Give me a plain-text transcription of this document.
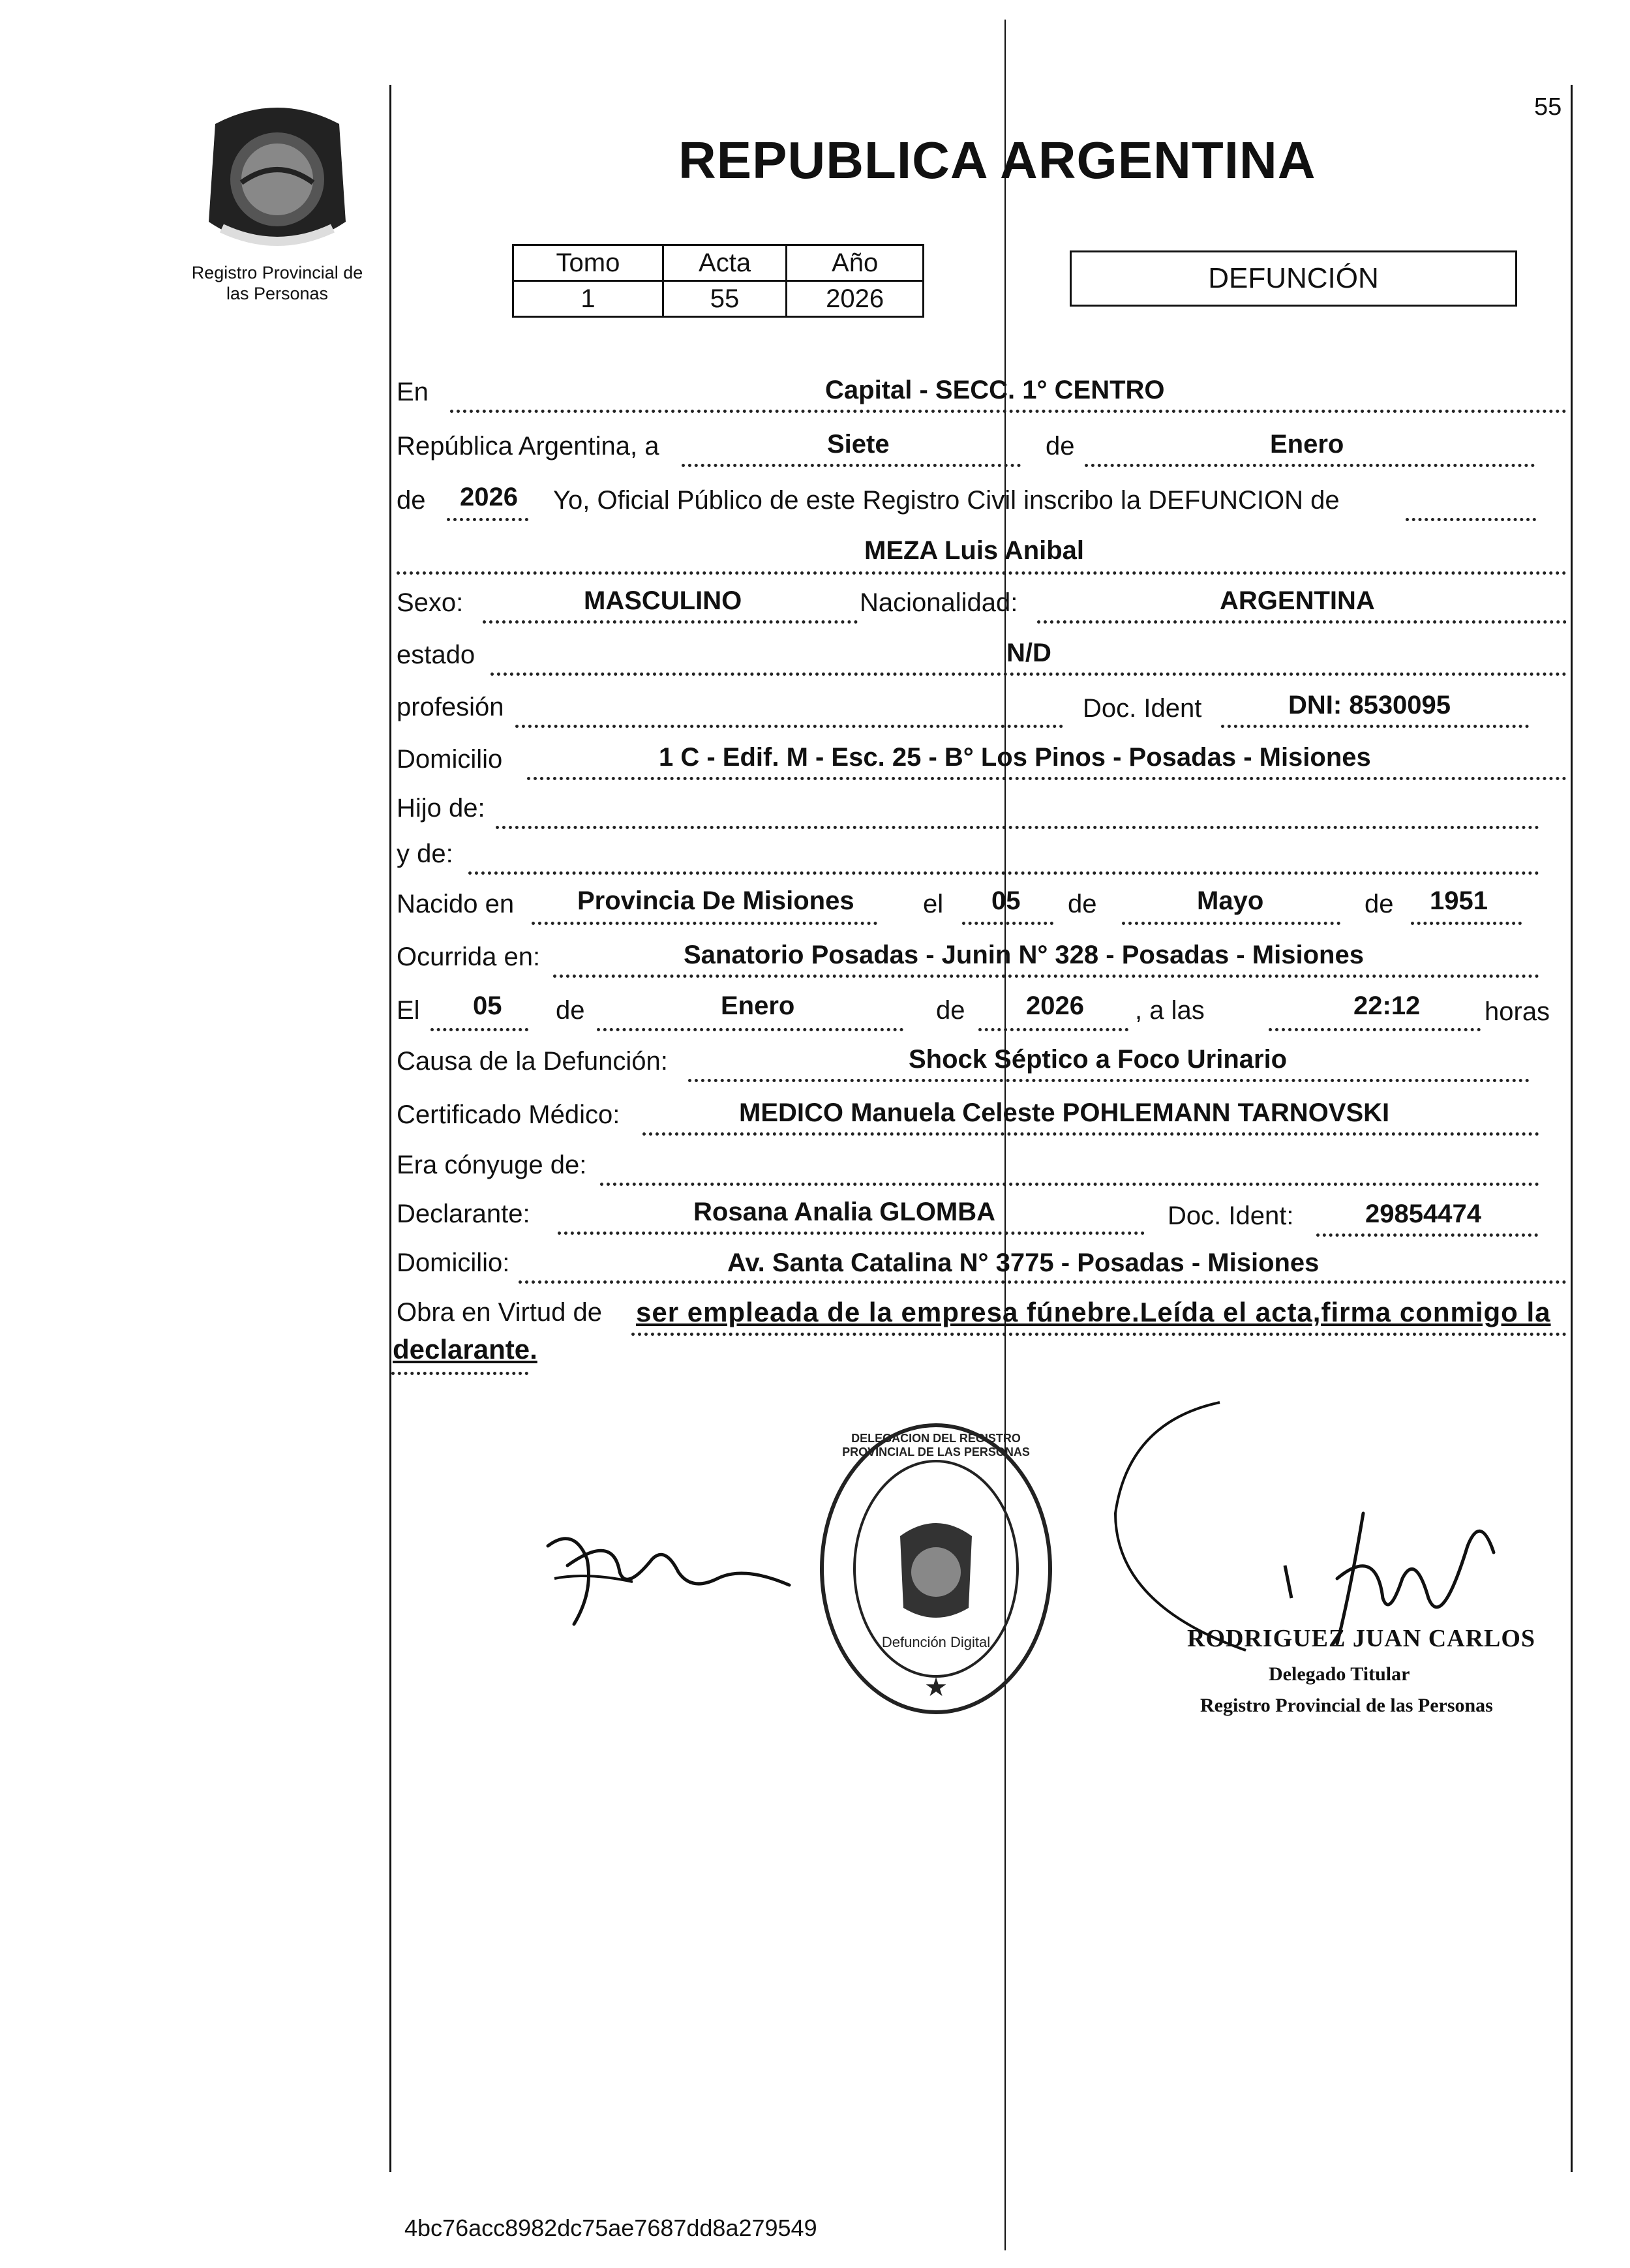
Registro Provincial de
las Personas
55
REPUBLICA ARGENTINA
Tomo	Acta	Año
1	55	2026
DEFUNCIÓN
En	Capital - SECC. 1° CENTRO
República Argentina, a	Siete	de	Enero
de 2026 Yo, Oficial Público de este Registro Civil inscribo la DEFUNCION de
MEZA Luis Anibal
Sexo:	MASCULINO	Nacionalidad:	ARGENTINA
estado	N/D
profesión	Doc. Ident	DNI: 8530095
Domicilio	1 C - Edif. M - Esc. 25 - B° Los Pinos - Posadas - Misiones
Hijo de:
y de:
Nacido en Provincia De Misiones	el 05 de	Mayo	de 1951
Ocurrida en:	Sanatorio Posadas - Junin N° 328 - Posadas - Misiones
El 05 de	Enero	de 2026 , a las	22:12 horas
Causa de la Defunción:	Shock Séptico a Foco Urinario
Certificado Médico:	MEDICO Manuela Celeste POHLEMANN TARNOVSKI
Era cónyuge de:
Declarante:	Rosana Analia GLOMBA	Doc. Ident:	29854474
Domicilio:	Av. Santa Catalina N° 3775 - Posadas - Misiones
Obra en Virtud de ser empleada de la empresa fúnebre.Leída el acta,firma conmigo la
declarante.
★
DELEGACION DEL REGISTRO PROVINCIAL DE LAS PERSONAS
Defunción Digital	RODRIGUEZ JUAN CARLOS
Delegado Titular
Registro Provincial de las Personas
4bc76acc8982dc75ae7687dd8a279549
